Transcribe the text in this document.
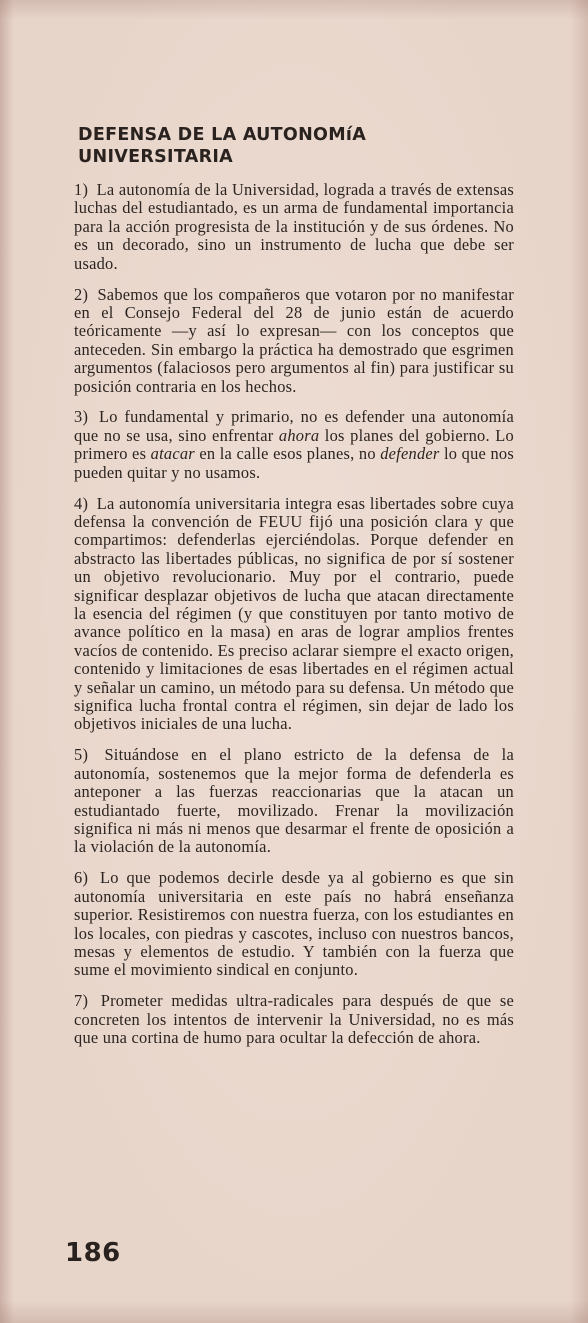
DEFENSA DE LA AUTONOMíA UNIVERSITARIA

1) La autonomía de la Universidad, lograda a través de extensas luchas del estudiantado, es un arma de fundamental importancia para la acción progresista de la institución y de sus órdenes. No es un decorado, sino un instrumento de lucha que debe ser usado.

2) Sabemos que los compañeros que votaron por no manifestar en el Consejo Federal del 28 de junio están de acuerdo teóricamente —y así lo expresan— con los conceptos que anteceden. Sin embargo la práctica ha demostrado que esgrimen argumentos (falaciosos pero argumentos al fin) para justificar su posición contraria en los hechos.

3) Lo fundamental y primario, no es defender una autonomía que no se usa, sino enfrentar ahora los planes del gobierno. Lo primero es atacar en la calle esos planes, no defender lo que nos pueden quitar y no usamos.

4) La autonomía universitaria integra esas libertades sobre cuya defensa la convención de FEUU fijó una posición clara y que compartimos: defenderlas ejerciéndolas. Porque defender en abstracto las libertades públicas, no significa de por sí sostener un objetivo revolucionario. Muy por el contrario, puede significar desplazar objetivos de lucha que atacan directamente la esencia del régimen (y que constituyen por tanto motivo de avance político en la masa) en aras de lograr amplios frentes vacíos de contenido. Es preciso aclarar siempre el exacto origen, contenido y limitaciones de esas libertades en el régimen actual y señalar un camino, un método para su defensa. Un método que significa lucha frontal contra el régimen, sin dejar de lado los objetivos iniciales de una lucha.

5) Situándose en el plano estricto de la defensa de la autonomía, sostenemos que la mejor forma de defenderla es anteponer a las fuerzas reaccionarias que la atacan un estudiantado fuerte, movilizado. Frenar la movilización significa ni más ni menos que desarmar el frente de oposición a la violación de la autonomía.

6) Lo que podemos decirle desde ya al gobierno es que sin autonomía universitaria en este país no habrá enseñanza superior. Resistiremos con nuestra fuerza, con los estudiantes en los locales, con piedras y cascotes, incluso con nuestros bancos, mesas y elementos de estudio. Y también con la fuerza que sume el movimiento sindical en conjunto.

7) Prometer medidas ultra-radicales para después de que se concreten los intentos de intervenir la Universidad, no es más que una cortina de humo para ocultar la defección de ahora.

186
